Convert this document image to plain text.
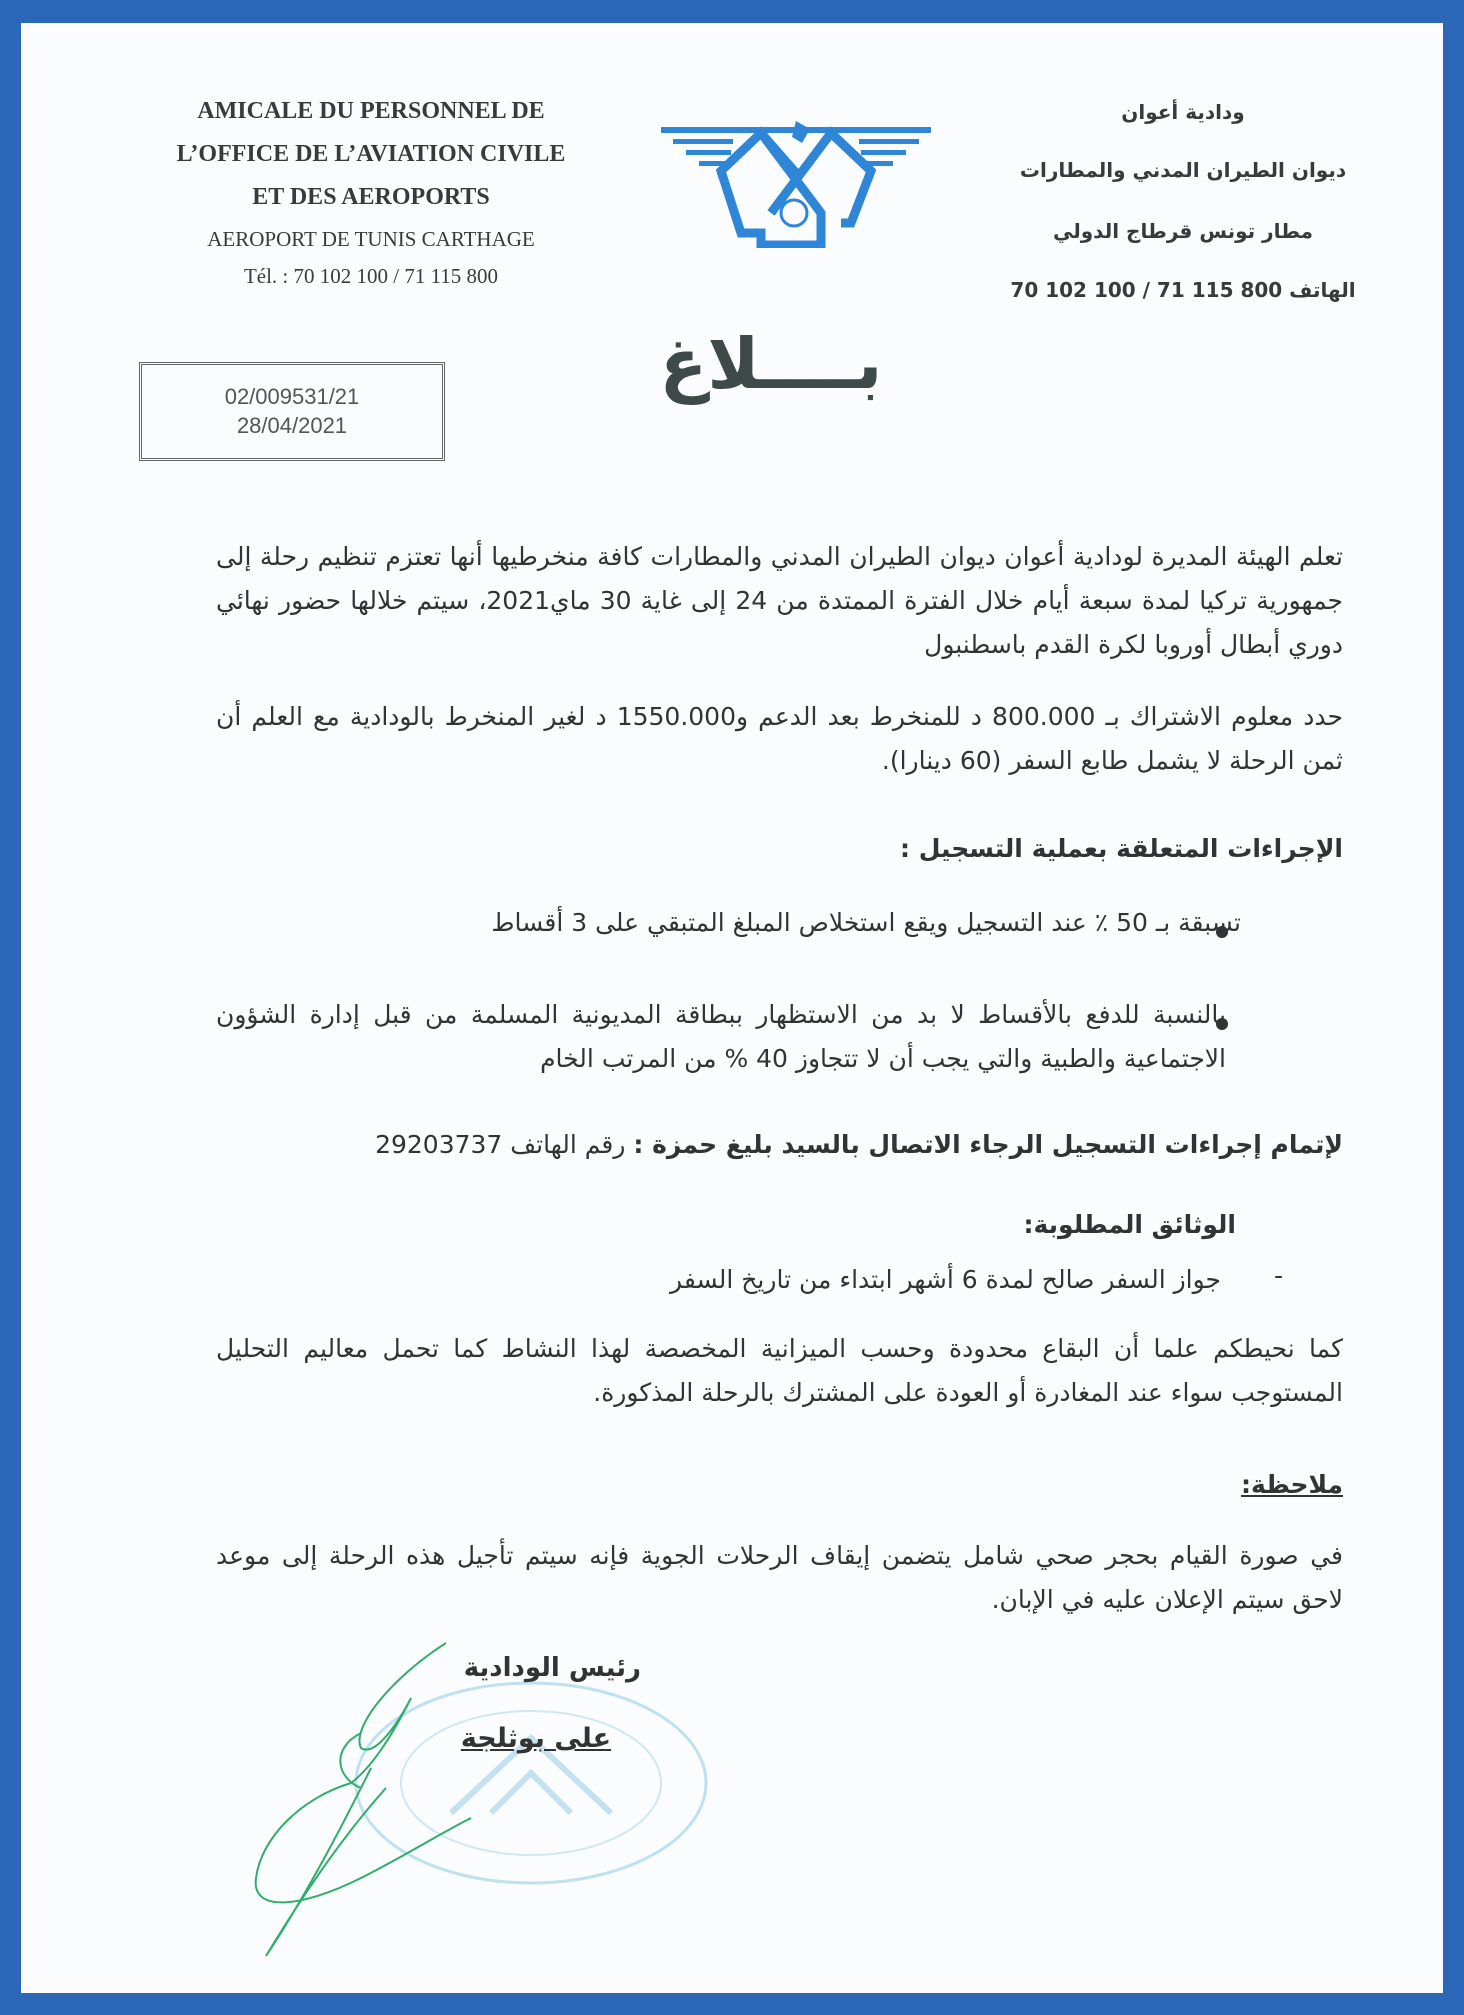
AMICALE DU PERSONNEL DE
L’OFFICE DE L’AVIATION CIVILE
ET DES AEROPORTS
AEROPORT DE TUNIS CARTHAGE
Tél. : 70 102 100 / 71 115 800
ودادية أعوان
ديوان الطيران المدني والمطارات
مطار تونس قرطاج الدولي
الهاتف 800 115 71 / 100 102 70
02/009531/21
28/04/2021
بــــلاغ
تعلم الهيئة المديرة لودادية أعوان ديوان الطيران المدني والمطارات كافة منخرطيها أنها تعتزم تنظيم رحلة إلى جمهورية تركيا لمدة سبعة أيام خلال الفترة الممتدة من 24 إلى غاية 30 ماي2021، سيتم خلالها حضور نهائي دوري أبطال أوروبا لكرة القدم باسطنبول
حدد معلوم الاشتراك بـ 800.000 د للمنخرط بعد الدعم و1550.000 د لغير المنخرط بالودادية مع العلم أن ثمن الرحلة لا يشمل طابع السفر (60 دينارا).
الإجراءات المتعلقة بعملية التسجيل :
تسبقة بـ 50 ٪ عند التسجيل ويقع استخلاص المبلغ المتبقي على 3 أقساط
بالنسبة للدفع بالأقساط لا بد من الاستظهار ببطاقة المديونية المسلمة من قبل إدارة الشؤون الاجتماعية والطبية والتي يجب أن لا تتجاوز 40 % من المرتب الخام
لإتمام إجراءات التسجيل الرجاء الاتصال بالسيد بليغ حمزة : رقم الهاتف 29203737
الوثائق المطلوبة:
-
جواز السفر صالح لمدة 6 أشهر ابتداء من تاريخ السفر
كما نحيطكم علما أن البقاع محدودة وحسب الميزانية المخصصة لهذا النشاط كما تحمل معاليم التحليل المستوجب سواء عند المغادرة أو العودة على المشترك بالرحلة المذكورة.
ملاحظة:
في صورة القيام بحجر صحي شامل يتضمن إيقاف الرحلات الجوية فإنه سيتم تأجيل هذه الرحلة إلى موعد لاحق سيتم الإعلان عليه في الإبان.
رئيس الودادية
على بوثلجة
